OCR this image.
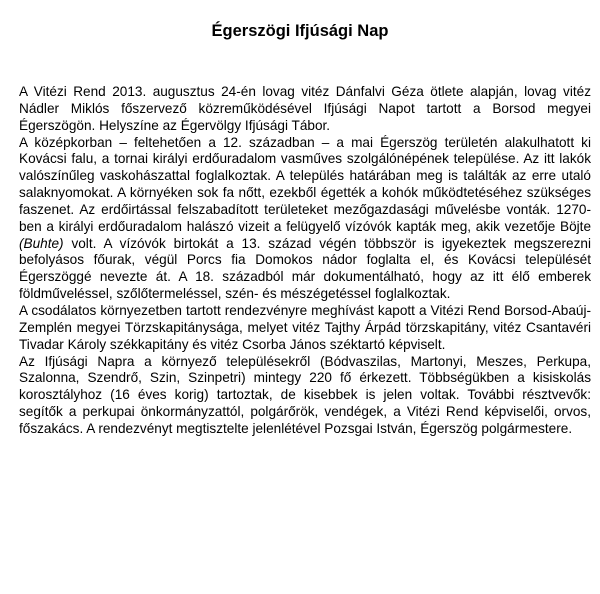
Égerszögi Ifjúsági Nap

A Vitézi Rend 2013. augusztus 24-én lovag vitéz Dánfalvi Géza ötlete alapján, lovag vitéz Nádler Miklós főszervező közreműködésével Ifjúsági Napot tartott a Borsod megyei Égerszögön. Helyszíne az Égervölgy Ifjúsági Tábor.

A középkorban – feltehetően a 12. században – a mai Égerszög területén alakulhatott ki Kovácsi falu, a tornai királyi erdőuradalom vasműves szolgálónépének települése. Az itt lakók valószínűleg vaskohászattal foglalkoztak. A település határában meg is találták az erre utaló salaknyomokat. A környéken sok fa nőtt, ezekből égették a kohók működtetéséhez szükséges faszenet. Az erdőirtással felszabadított területeket mezőgazdasági művelésbe vonták. 1270-ben a királyi erdőuradalom halászó vizeit a felügyelő vízóvók kapták meg, akik vezetője Böjte (Buhte) volt. A vízóvók birtokát a 13. század végén többször is igyekeztek megszerezni befolyásos főurak, végül Porcs fia Domokos nádor foglalta el, és Kovácsi települését Égerszöggé nevezte át. A 18. századból már dokumentálható, hogy az itt élő emberek földműveléssel, szőlőtermeléssel, szén- és mészégetéssel foglalkoztak.

A csodálatos környezetben tartott rendezvényre meghívást kapott a Vitézi Rend Borsod-Abaúj-Zemplén megyei Törzskapitánysága, melyet vitéz Tajthy Árpád törzskapitány, vitéz Csantavéri Tivadar Károly székkapitány és vitéz Csorba János széktartó képviselt.

Az Ifjúsági Napra a környező településekről (Bódvaszilas, Martonyi, Meszes, Perkupa, Szalonna, Szendrő, Szin, Szinpetri) mintegy 220 fő érkezett. Többségükben a kisiskolás korosztályhoz (16 éves korig) tartoztak, de kisebbek is jelen voltak. További résztvevők: segítők a perkupai önkormányzattól, polgárőrök, vendégek, a Vitézi Rend képviselői, orvos, főszakács. A rendezvényt megtisztelte jelenlétével Pozsgai István, Égerszög polgármestere.
